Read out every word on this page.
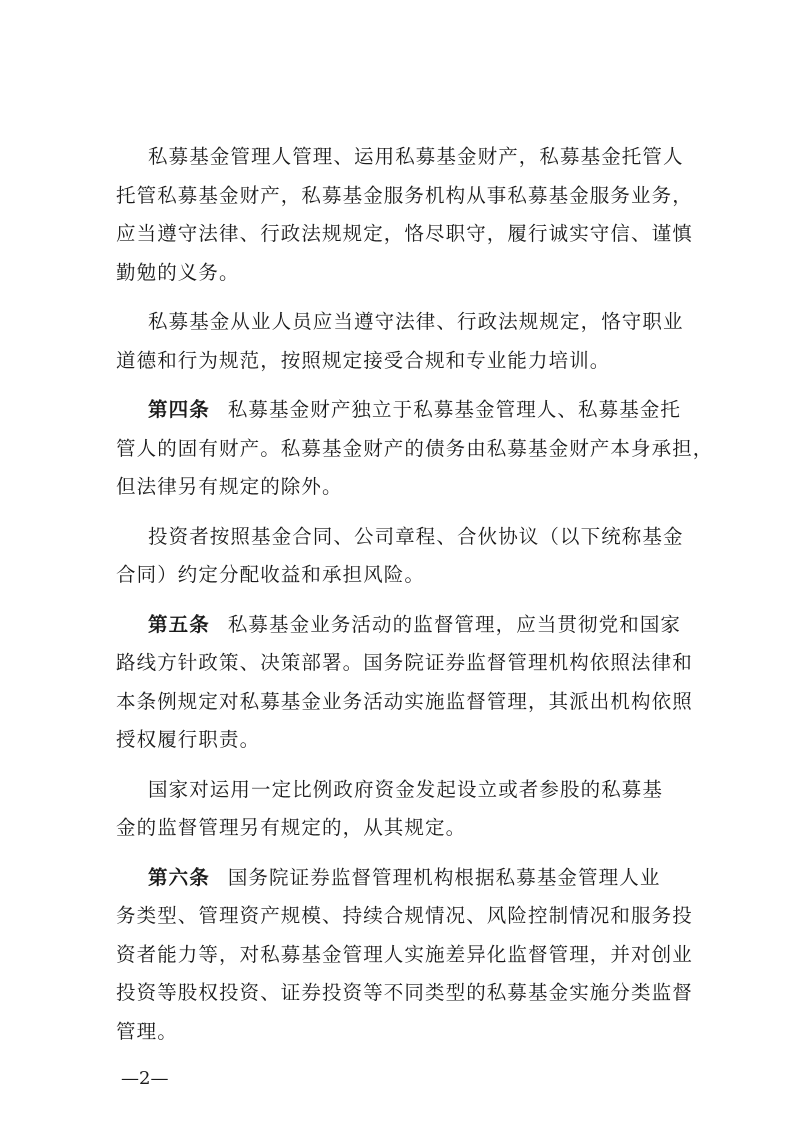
私募基金管理人管理、运用私募基金财产，私募基金托管人
托管私募基金财产，私募基金服务机构从事私募基金服务业务，
应当遵守法律、行政法规规定，恪尽职守，履行诚实守信、谨慎
勤勉的义务。
私募基金从业人员应当遵守法律、行政法规规定，恪守职业
道德和行为规范，按照规定接受合规和专业能力培训。
第四条 私募基金财产独立于私募基金管理人、私募基金托
管人的固有财产。私募基金财产的债务由私募基金财产本身承担，
但法律另有规定的除外。
投资者按照基金合同、公司章程、合伙协议（以下统称基金
合同）约定分配收益和承担风险。
第五条 私募基金业务活动的监督管理，应当贯彻党和国家
路线方针政策、决策部署。国务院证券监督管理机构依照法律和
本条例规定对私募基金业务活动实施监督管理，其派出机构依照
授权履行职责。
国家对运用一定比例政府资金发起设立或者参股的私募基
金的监督管理另有规定的，从其规定。
第六条 国务院证券监督管理机构根据私募基金管理人业
务类型、管理资产规模、持续合规情况、风险控制情况和服务投
资者能力等，对私募基金管理人实施差异化监督管理，并对创业
投资等股权投资、证券投资等不同类型的私募基金实施分类监督
管理。
—2—
